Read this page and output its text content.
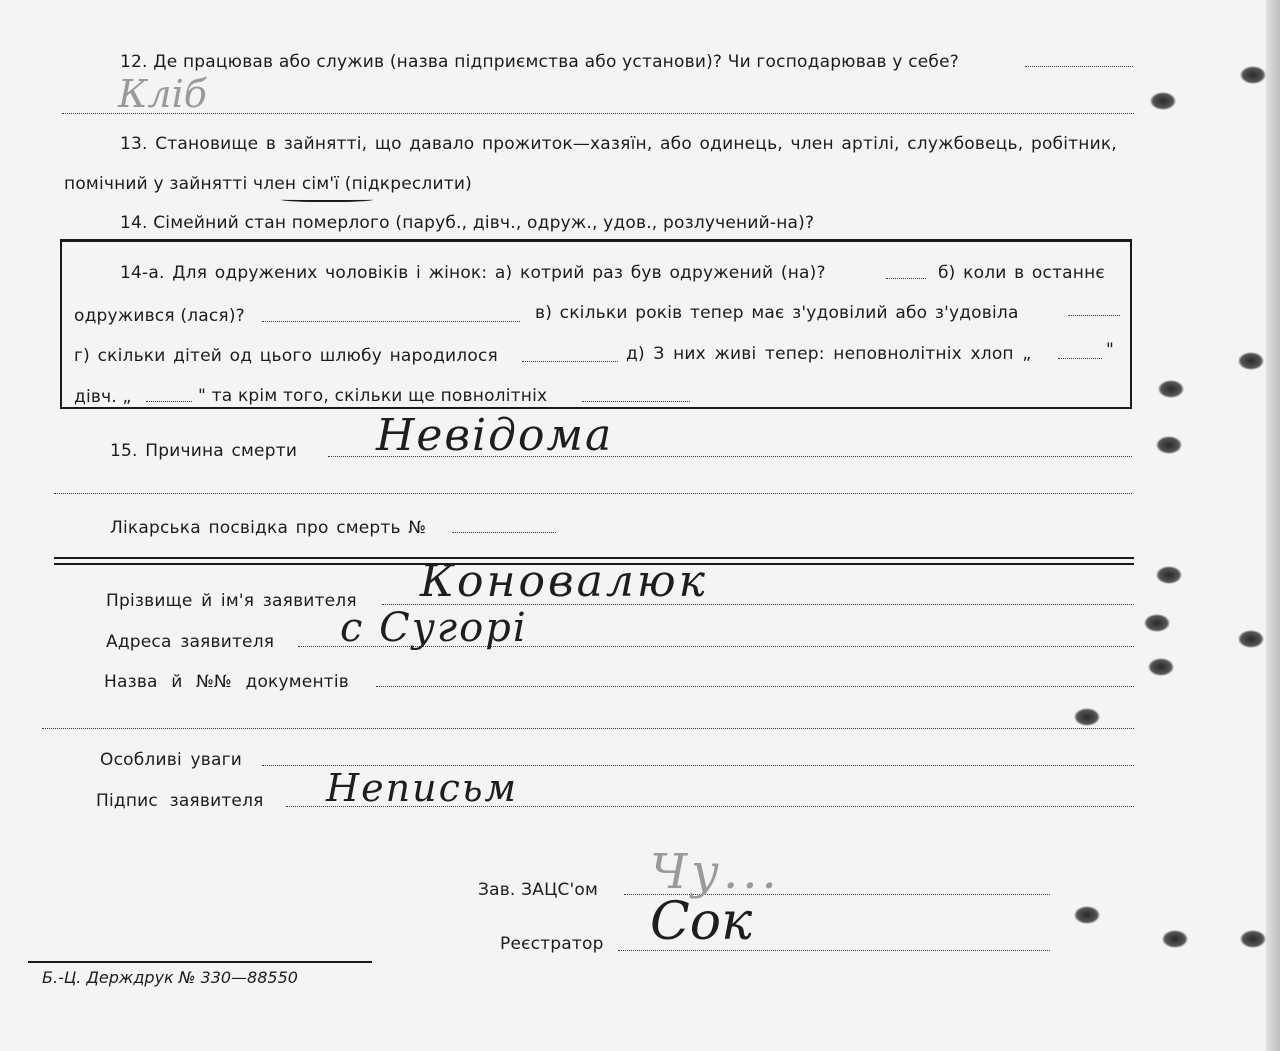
12. Де працював або служив (назва підприємства або установи)? Чи господарював у себе?
Кліб
13. Становище в зайнятті, що давало прожиток—хазяїн, або одинець, член артілі, службовець, робітник,
помічний у зайнятті член сім'ї (підкреслити)
14. Сімейний стан померлого (паруб., дівч., одруж., удов., розлучений-на)?
14-а. Для одружених чоловіків і жінок: а) котрий раз був одружений (на)?	б) коли в останнє
одружився (лася)?	в) скільки років тепер має з'удовілий або з'удовіла
г) скільки дітей од цього шлюбу народилося	д) З них живі тепер: неповнолітніх хлоп „	"
дівч. „	" та крім того, скільки ще повнолітніх
15. Причина смерти Невідома
Лікарська посвідка про смерть №
Прізвище й ім'я заявителя Коновалюк
Адреса заявителя с Сугорі
Назва й №№ документів
Особливі уваги
Підпис заявителя Неписьм
Зав. ЗАЦС'ом Чу...
Реєстратор Сок
Б.-Ц. Держдрук № 330—88550
